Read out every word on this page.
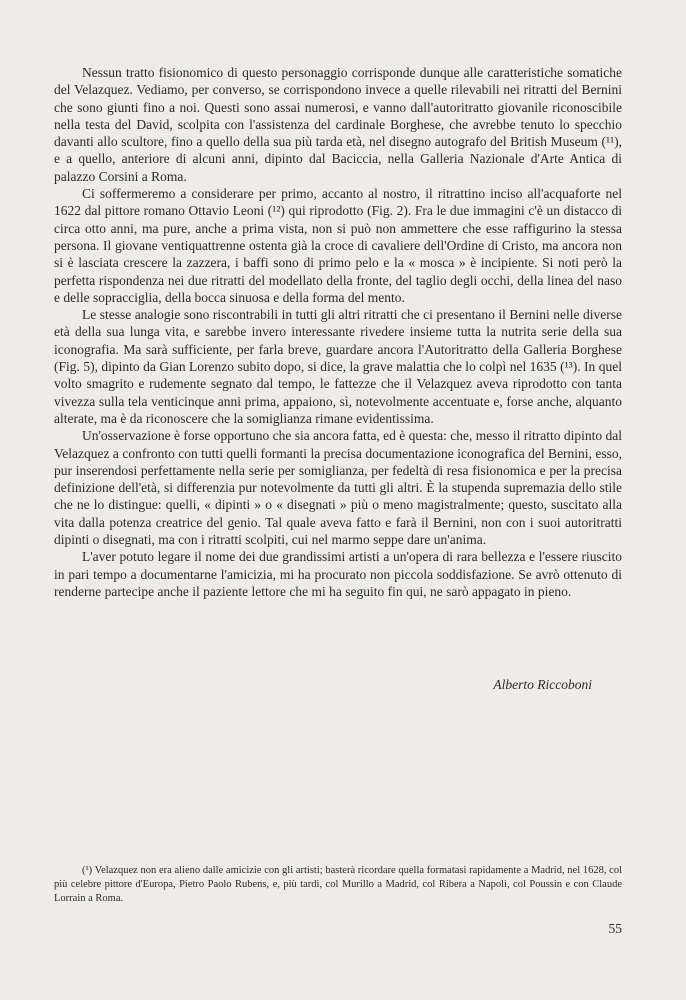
Nessun tratto fisionomico di questo personaggio corrisponde dunque alle caratteristiche somatiche del Velazquez. Vediamo, per converso, se corrispondono invece a quelle rilevabili nei ritratti del Bernini che sono giunti fino a noi. Questi sono assai numerosi, e vanno dall'autoritratto giovanile riconoscibile nella testa del David, scolpita con l'assistenza del cardinale Borghese, che avrebbe tenuto lo specchio davanti allo scultore, fino a quello della sua più tarda età, nel disegno autografo del British Museum (¹¹), e a quello, anteriore di alcuni anni, dipinto dal Baciccia, nella Galleria Nazionale d'Arte Antica di palazzo Corsini a Roma.

Ci soffermeremo a considerare per primo, accanto al nostro, il ritrattino inciso all'acquaforte nel 1622 dal pittore romano Ottavio Leoni (¹²) qui riprodotto (Fig. 2). Fra le due immagini c'è un distacco di circa otto anni, ma pure, anche a prima vista, non si può non ammettere che esse raffigurino la stessa persona. Il giovane ventiquattrenne ostenta già la croce di cavaliere dell'Ordine di Cristo, ma ancora non si è lasciata crescere la zazzera, i baffi sono di primo pelo e la « mosca » è incipiente. Si noti però la perfetta rispondenza nei due ritratti del modellato della fronte, del taglio degli occhi, della linea del naso e delle sopracciglia, della bocca sinuosa e della forma del mento.

Le stesse analogie sono riscontrabili in tutti gli altri ritratti che ci presentano il Bernini nelle diverse età della sua lunga vita, e sarebbe invero interessante rivedere insieme tutta la nutrita serie della sua iconografia. Ma sarà sufficiente, per farla breve, guardare ancora l'Autoritratto della Galleria Borghese (Fig. 5), dipinto da Gian Lorenzo subito dopo, si dice, la grave malattia che lo colpì nel 1635 (¹³). In quel volto smagrito e rudemente segnato dal tempo, le fattezze che il Velazquez aveva riprodotto con tanta vivezza sulla tela venticinque anni prima, appaiono, sì, notevolmente accentuate e, forse anche, alquanto alterate, ma è da riconoscere che la somiglianza rimane evidentissima.

Un'osservazione è forse opportuno che sia ancora fatta, ed è questa: che, messo il ritratto dipinto dal Velazquez a confronto con tutti quelli formanti la precisa documentazione iconografica del Bernini, esso, pur inserendosi perfettamente nella serie per somiglianza, per fedeltà di resa fisionomica e per la precisa definizione dell'età, si differenzia pur notevolmente da tutti gli altri. È la stupenda supremazia dello stile che ne lo distingue: quelli, « dipinti » o « disegnati » più o meno magistralmente; questo, suscitato alla vita dalla potenza creatrice del genio. Tal quale aveva fatto e farà il Bernini, non con i suoi autoritratti dipinti o disegnati, ma con i ritratti scolpiti, cui nel marmo seppe dare un'anima.

L'aver potuto legare il nome dei due grandissimi artisti a un'opera di rara bellezza e l'essere riuscito in pari tempo a documentarne l'amicizia, mi ha procurato non piccola soddisfazione. Se avrò ottenuto di renderne partecipe anche il paziente lettore che mi ha seguito fin qui, ne sarò appagato in pieno.

Alberto Riccoboni

(¹) Velazquez non era alieno dalle amicizie con gli artisti; basterà ricordare quella formatasi rapidamente a Madrid, nel 1628, col più celebre pittore d'Europa, Pietro Paolo Rubens, e, più tardi, col Murillo a Madrid, col Ribera a Napoli, col Poussin e con Claude Lorrain a Roma.

55
